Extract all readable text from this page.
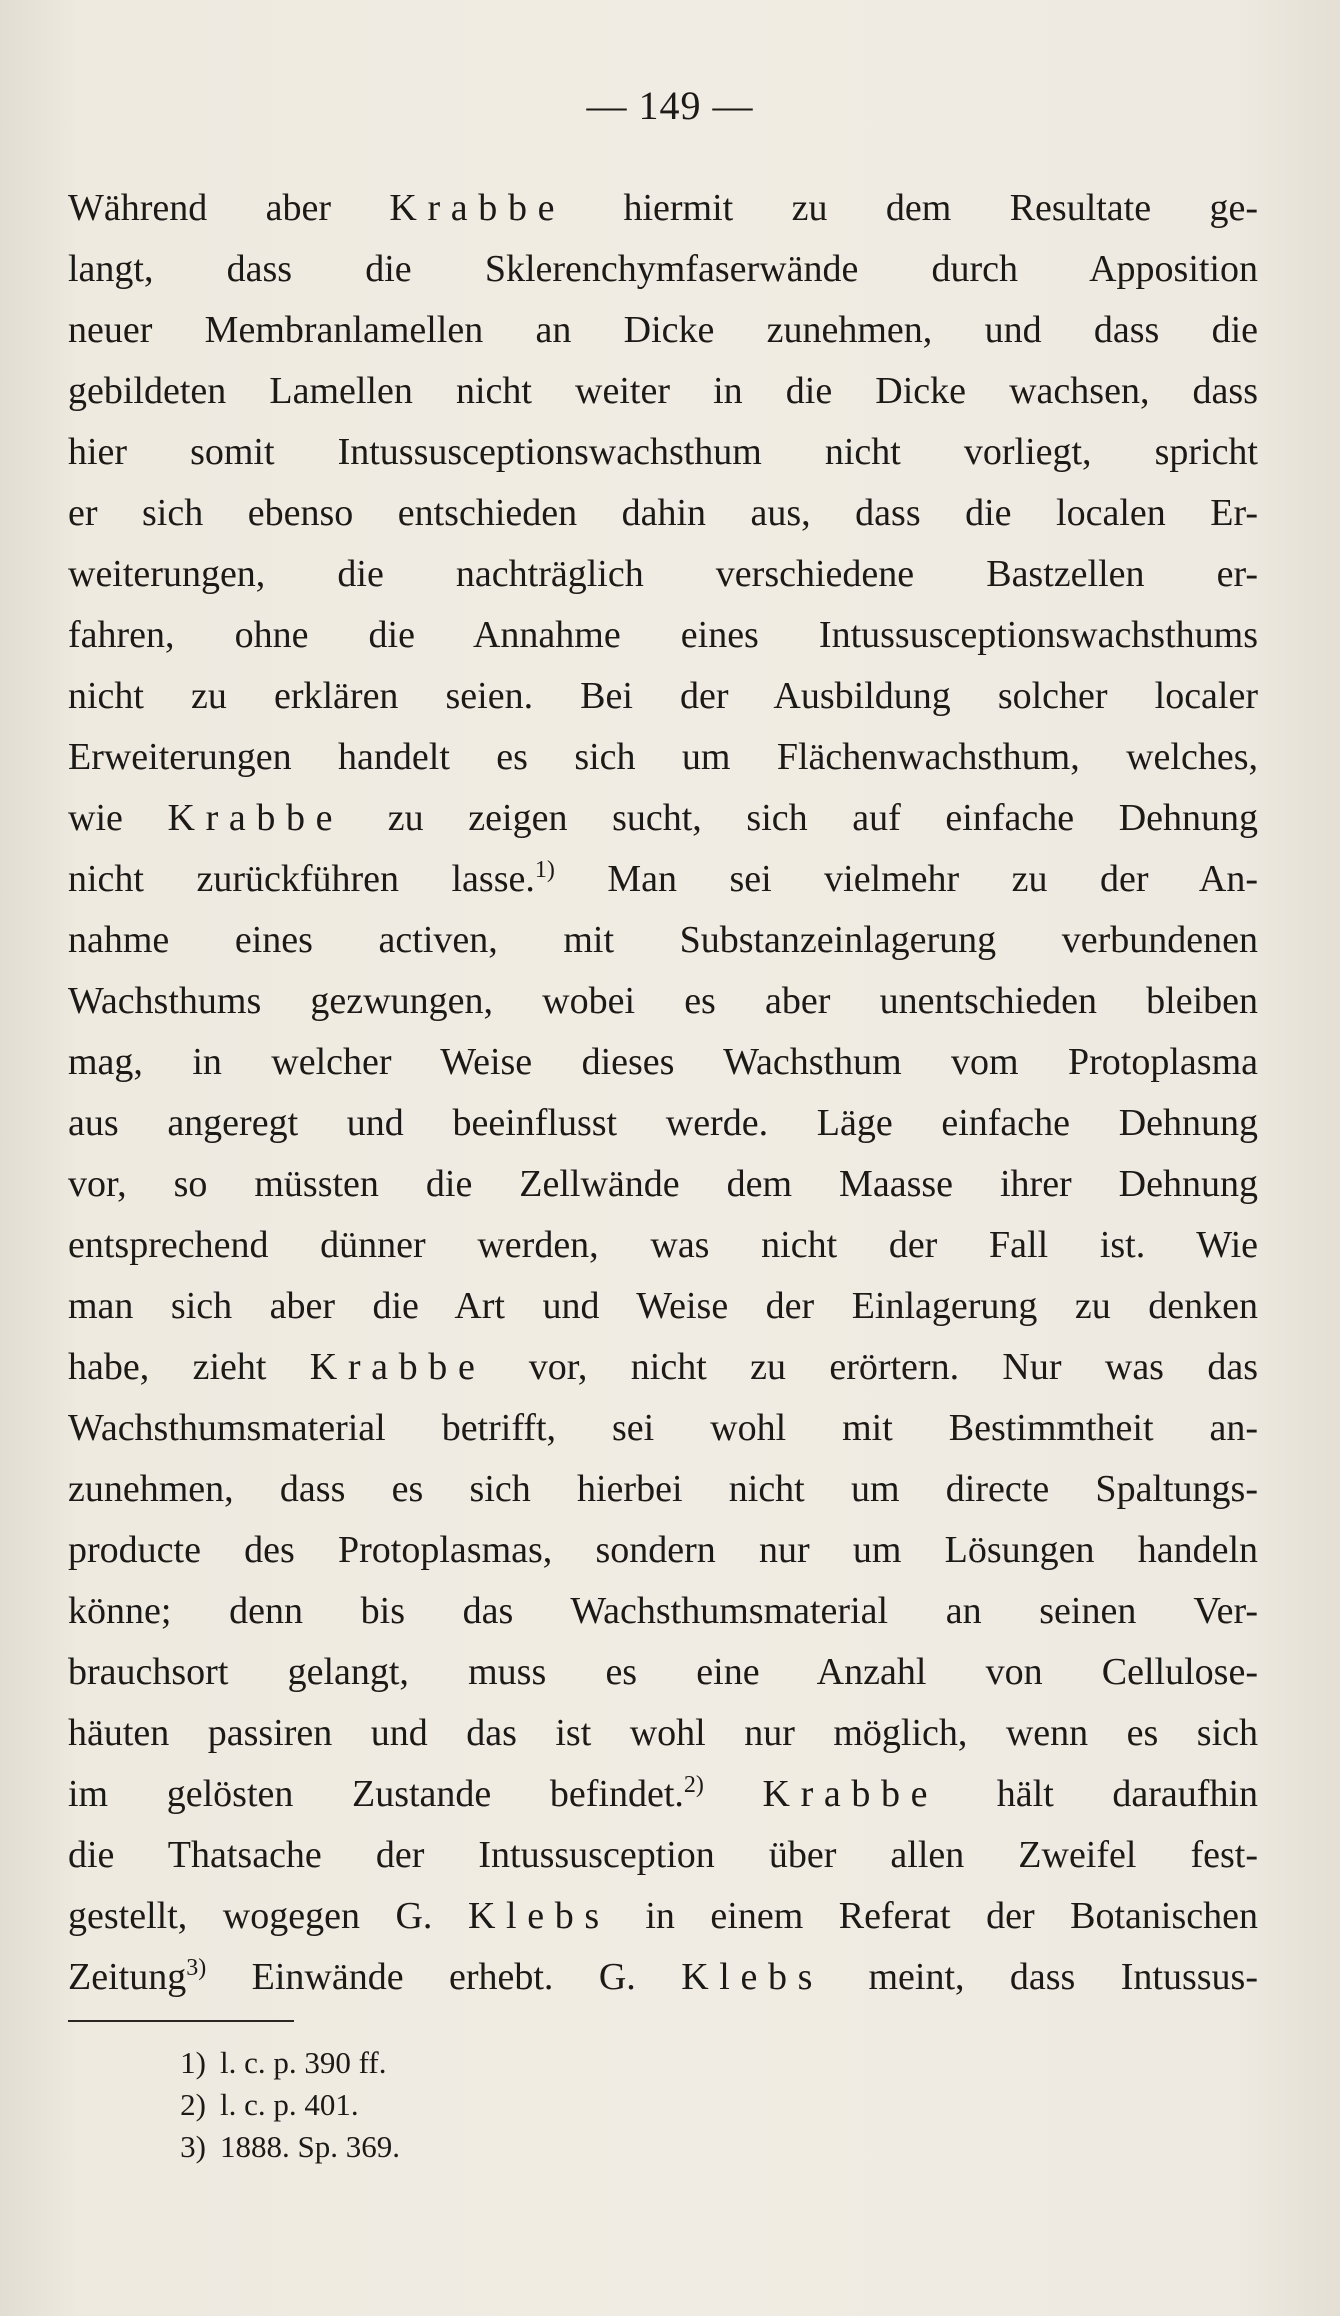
— 149 —
Während aber Krabbe hiermit zu dem Resultate ge-
langt, dass die Sklerenchymfaserwände durch Apposition
neuer Membranlamellen an Dicke zunehmen, und dass die
gebildeten Lamellen nicht weiter in die Dicke wachsen, dass
hier somit Intussusceptionswachsthum nicht vorliegt, spricht
er sich ebenso entschieden dahin aus, dass die localen Er-
weiterungen, die nachträglich verschiedene Bastzellen er-
fahren, ohne die Annahme eines Intussusceptionswachsthums
nicht zu erklären seien. Bei der Ausbildung solcher localer
Erweiterungen handelt es sich um Flächenwachsthum, welches,
wie Krabbe zu zeigen sucht, sich auf einfache Dehnung
nicht zurückführen lasse.$^{1)}$ Man sei vielmehr zu der An-
nahme eines activen, mit Substanzeinlagerung verbundenen
Wachsthums gezwungen, wobei es aber unentschieden bleiben
mag, in welcher Weise dieses Wachsthum vom Protoplasma
aus angeregt und beeinflusst werde. Läge einfache Dehnung
vor, so müssten die Zellwände dem Maasse ihrer Dehnung
entsprechend dünner werden, was nicht der Fall ist. Wie
man sich aber die Art und Weise der Einlagerung zu denken
habe, zieht Krabbe vor, nicht zu erörtern. Nur was das
Wachsthumsmaterial betrifft, sei wohl mit Bestimmtheit an-
zunehmen, dass es sich hierbei nicht um directe Spaltungs-
producte des Protoplasmas, sondern nur um Lösungen handeln
könne; denn bis das Wachsthumsmaterial an seinen Ver-
brauchsort gelangt, muss es eine Anzahl von Cellulose-
häuten passiren und das ist wohl nur möglich, wenn es sich
im gelösten Zustande befindet.$^{2)}$ Krabbe hält daraufhin
die Thatsache der Intussusception über allen Zweifel fest-
gestellt, wogegen G. Klebs in einem Referat der Botanischen
Zeitung$^{3)}$ Einwände erhebt. G. Klebs meint, dass Intussus-
1) l. c. p. 390 ff.
2) l. c. p. 401.
3) 1888. Sp. 369.
